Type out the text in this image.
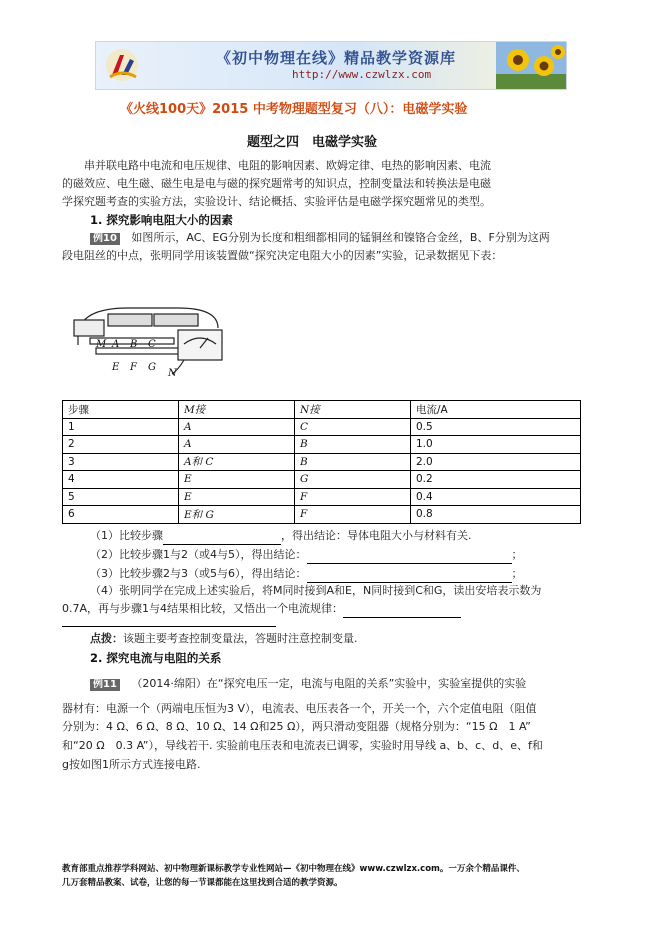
《初中物理在线》精品教学资源库
http://www.czwlzx.com
《火线100天》2015 中考物理题型复习（八）：电磁学实验
题型之四　电磁学实验
串并联电路中电流和电压规律、电阻的影响因素、欧姆定律、电热的影响因素、电流
的磁效应、电生磁、磁生电是电与磁的探究题常考的知识点，控制变量法和转换法是电磁
学探究题考查的实验方法，实验设计、结论概括、实验评估是电磁学探究题常见的类型。
1. 探究影响电阻大小的因素
例10 如图所示，AC、EG分别为长度和粗细都相同的锰铜丝和镍铬合金丝，B、F分别为这两
段电阻丝的中点，张明同学用该装置做“探究决定电阻大小的因素”实验，记录数据见下表：
M A B C
E F G
N
步骤	M接	N接	电流/A
1	A	C	0.5
2	A	B	1.0
3	A和 C	B	2.0
4	E	G	0.2
5	E	F	0.4
6	E和 G	F	0.8
（1）比较步骤	，得出结论：导体电阻大小与材料有关.
（2）比较步骤1与2（或4与5），得出结论：	；
（3）比较步骤2与3（或5与6），得出结论：	；
（4）张明同学在完成上述实验后，将M同时接到A和E，N同时接到C和G，读出安培表示数为
0.7A，再与步骤1与4结果相比较，又悟出一个电流规律：
点拨：该题主要考查控制变量法，答题时注意控制变量.
2. 探究电流与电阻的关系
例11 （2014·绵阳）在“探究电压一定，电流与电阻的关系”实验中，实验室提供的实验
器材有：电源一个（两端电压恒为3 V），电流表、电压表各一个，开关一个，六个定值电阻（阻值
分别为：4 Ω、6 Ω、8 Ω、10 Ω、14 Ω和25 Ω），两只滑动变阻器（规格分别为：“15 Ω　1 A”
和“20 Ω　0.3 A”），导线若干. 实验前电压表和电流表已调零，实验时用导线 a、b、c、d、e、f和
g按如图1所示方式连接电路.
教育部重点推荐学科网站、初中物理新课标教学专业性网站—《初中物理在线》www.czwlzx.com。一万余个精品课件、
几万套精品教案、试卷，让您的每一节课都能在这里找到合适的教学资源。
